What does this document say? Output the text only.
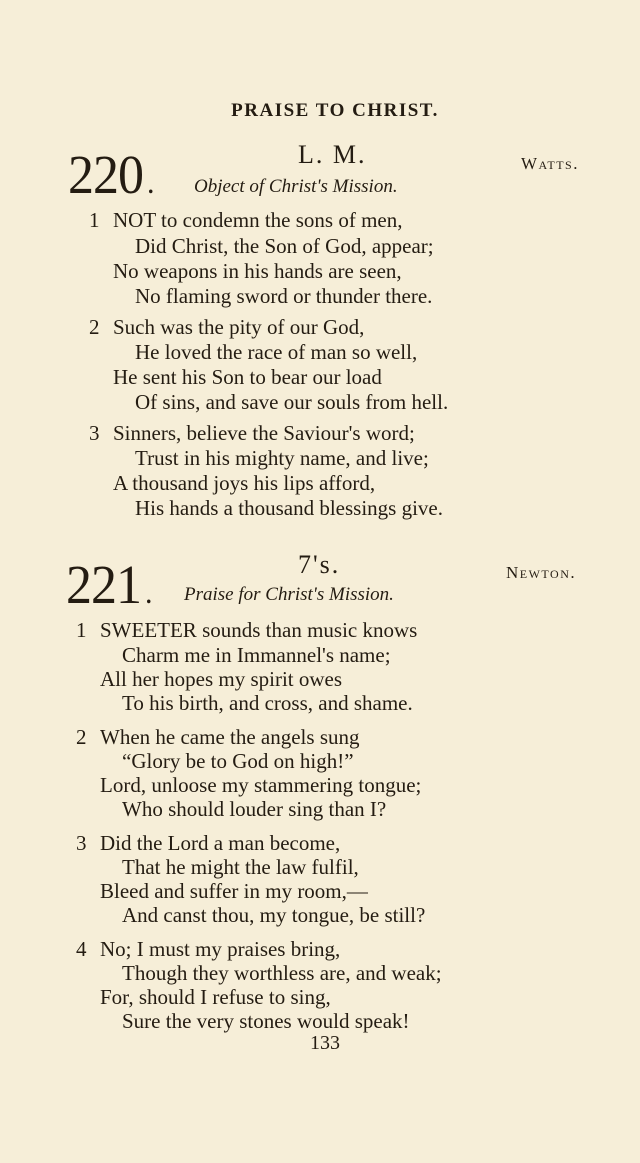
PRAISE TO CHRIST.
220 .
L. M.	Watts.
Object of Christ's Mission.
1 NOT to condemn the sons of men,
Did Christ, the Son of God, appear;
No weapons in his hands are seen,
No flaming sword or thunder there.
2 Such was the pity of our God,
He loved the race of man so well,
He sent his Son to bear our load
Of sins, and save our souls from hell.
3 Sinners, believe the Saviour's word;
Trust in his mighty name, and live;
A thousand joys his lips afford,
His hands a thousand blessings give.
221 .
7's.	Newton.
Praise for Christ's Mission.
1 SWEETER sounds than music knows
Charm me in Immannel's name;
All her hopes my spirit owes
To his birth, and cross, and shame.
2 When he came the angels sung
“Glory be to God on high!”
Lord, unloose my stammering tongue;
Who should louder sing than I?
3 Did the Lord a man become,
That he might the law fulfil,
Bleed and suffer in my room,—
And canst thou, my tongue, be still?
4 No; I must my praises bring,
Though they worthless are, and weak;
For, should I refuse to sing,
Sure the very stones would speak!
133
